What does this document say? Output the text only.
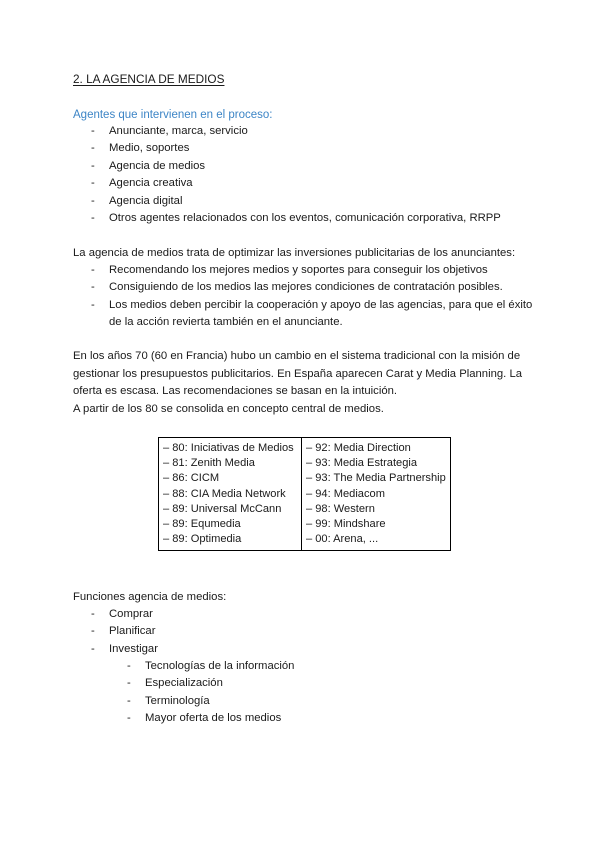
2. LA AGENCIA DE MEDIOS
Agentes que intervienen en el proceso:
- Anunciante, marca, servicio
- Medio, soportes
- Agencia de medios
- Agencia creativa
- Agencia digital
- Otros agentes relacionados con los eventos, comunicación corporativa, RRPP
La agencia de medios trata de optimizar las inversiones publicitarias de los anunciantes:
- Recomendando los mejores medios y soportes para conseguir los objetivos
- Consiguiendo de los medios las mejores condiciones de contratación posibles.
- Los medios deben percibir la cooperación y apoyo de las agencias, para que el éxito
de la acción revierta también en el anunciante.
En los años 70 (60 en Francia) hubo un cambio en el sistema tradicional con la misión de
gestionar los presupuestos publicitarios. En España aparecen Carat y Media Planning. La
oferta es escasa. Las recomendaciones se basan en la intuición.
A partir de los 80 se consolida en concepto central de medios.
– 80: Iniciativas de Medios
– 81: Zenith Media
– 86: CICM
– 88: CIA Media Network
– 89: Universal McCann
– 89: Equmedia
– 89: Optimedia

– 92: Media Direction
– 93: Media Estrategia
– 93: The Media Partnership
– 94: Mediacom
– 98: Western
– 99: Mindshare
– 00: Arena, ...
Funciones agencia de medios:
- Comprar
- Planificar
- Investigar
- Tecnologías de la información
- Especialización
- Terminología
- Mayor oferta de los medios
